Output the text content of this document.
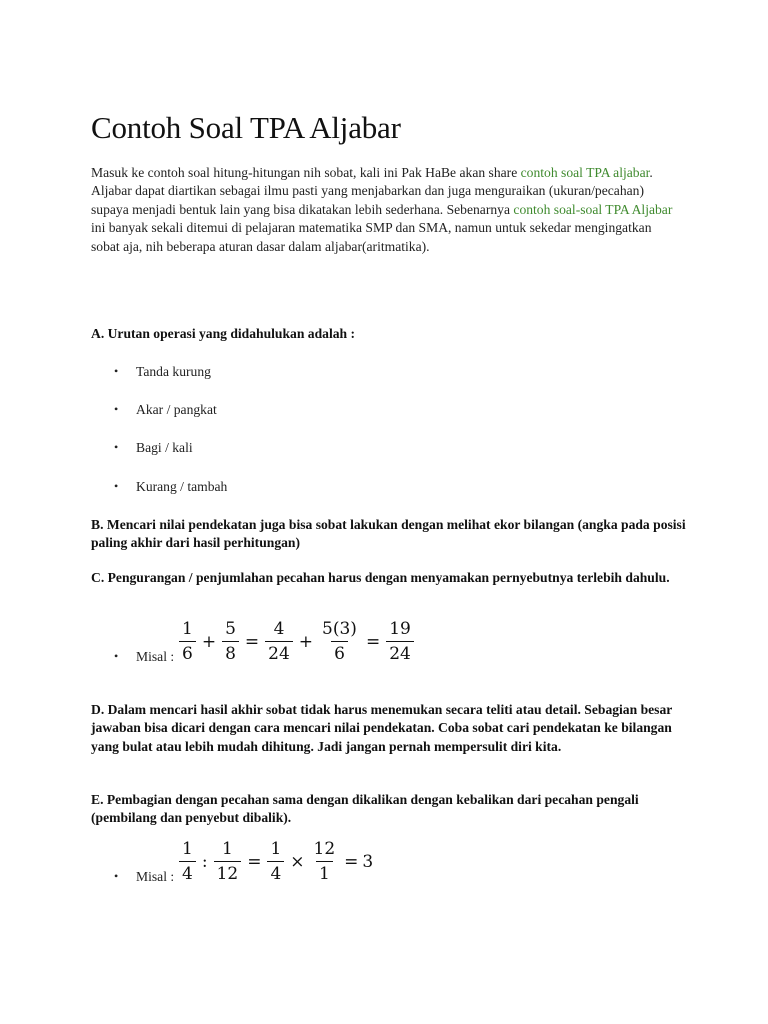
Contoh Soal TPA Aljabar

Masuk ke contoh soal hitung-hitungan nih sobat, kali ini Pak HaBe akan share contoh soal TPA aljabar. Aljabar dapat diartikan sebagai ilmu pasti yang menjabarkan dan juga menguraikan (ukuran/pecahan) supaya menjadi bentuk lain yang bisa dikatakan lebih sederhana. Sebenarnya contoh soal-soal TPA Aljabar ini banyak sekali ditemui di pelajaran matematika SMP dan SMA, namun untuk sekedar mengingatkan sobat aja, nih beberapa aturan dasar dalam aljabar(aritmatika).

A. Urutan operasi yang didahulukan adalah :

• Tanda kurung
• Akar / pangkat
• Bagi / kali
• Kurang / tambah

B. Mencari nilai pendekatan juga bisa sobat lakukan dengan melihat ekor bilangan (angka pada posisi paling akhir dari hasil perhitungan)

C. Pengurangan / penjumlahan pecahan harus dengan menyamakan pernyebutnya terlebih dahulu.

• Misal : $\frac{1}{6} + \frac{5}{8} = \frac{4}{24} + \frac{5(3)}{6} = \frac{19}{24}$

D. Dalam mencari hasil akhir sobat tidak harus menemukan secara teliti atau detail. Sebagian besar jawaban bisa dicari dengan cara mencari nilai pendekatan. Coba sobat cari pendekatan ke bilangan yang bulat atau lebih mudah dihitung. Jadi jangan pernah mempersulit diri kita.

E. Pembagian dengan pecahan sama dengan dikalikan dengan kebalikan dari pecahan pengali (pembilang dan penyebut dibalik).

• Misal : $\frac{1}{4}$ : $\frac{1}{12} = \frac{1}{4} \times \frac{12}{1} = 3$
